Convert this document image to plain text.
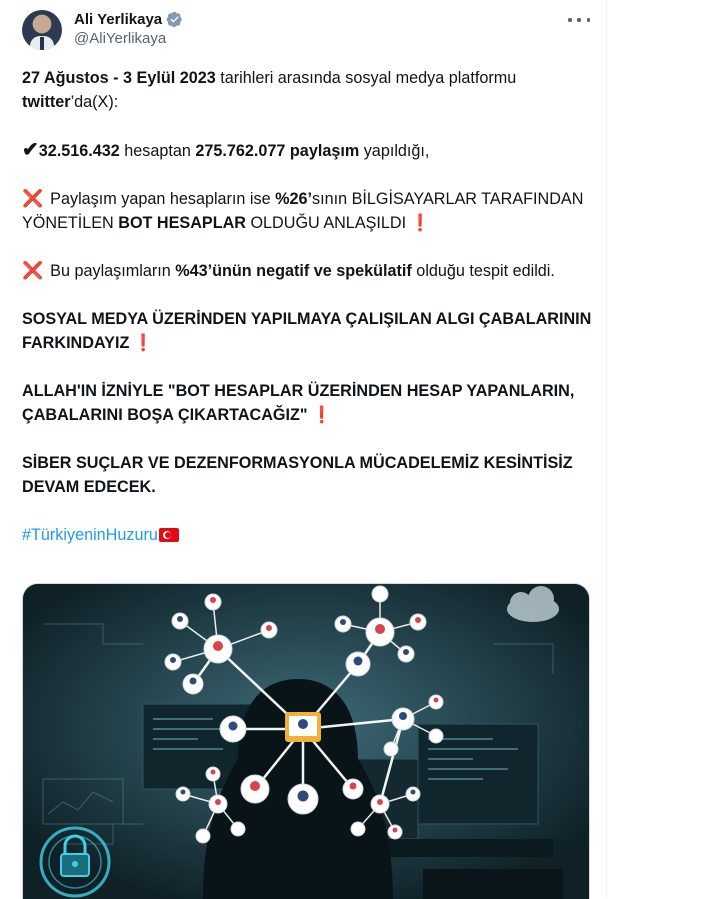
Ali Yerlikaya
@AliYerlikaya

27 Ağustos - 3 Eylül 2023 tarihleri arasında sosyal medya platformu twitter’da(X):

✔32.516.432 hesaptan 275.762.077 paylaşım yapıldığı,

❌ Paylaşım yapan hesapların ise %26’sının BİLGİSAYARLAR TARAFINDAN YÖNETİLEN BOT HESAPLAR OLDUĞU ANLAŞILDI ❗

❌ Bu paylaşımların %43’ünün negatif ve spekülatif olduğu tespit edildi.

SOSYAL MEDYA ÜZERİNDEN YAPILMAYA ÇALIŞILAN ALGI ÇABALARININ FARKINDAYIZ ❗

ALLAH'IN İZNİYLE "BOT HESAPLAR ÜZERİNDEN HESAP YAPANLARIN, ÇABALARINI BOŞA ÇIKARTACAĞIZ" ❗

SİBER SUÇLAR VE DEZENFORMASYONLA MÜCADELEMİZ KESİNTİSİZ DEVAM EDECEK.

#TürkiyeninHuzuru
